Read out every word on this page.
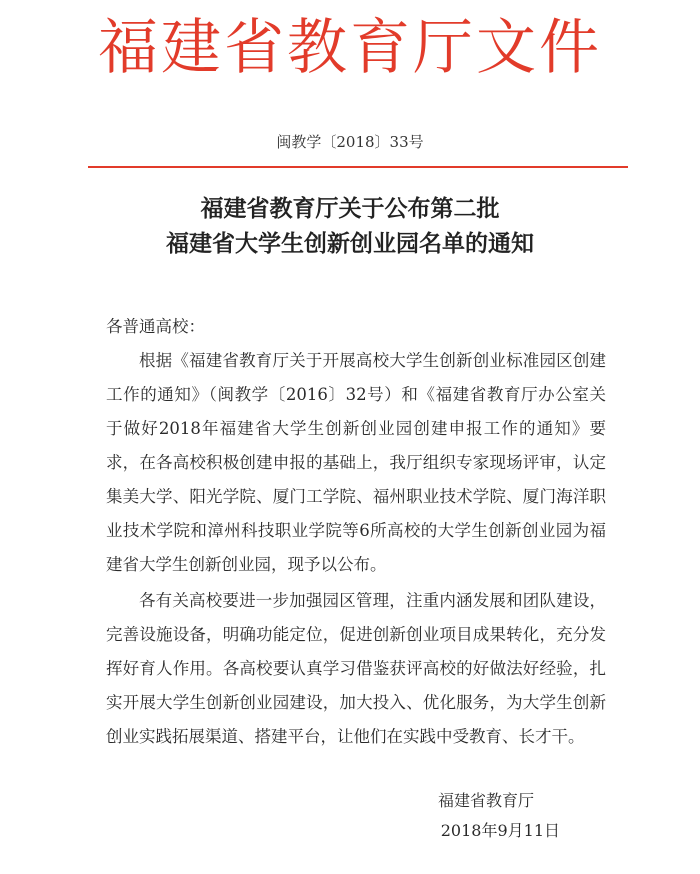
福建省教育厅文件
闽教学〔2018〕33号
福建省教育厅关于公布第二批
福建省大学生创新创业园名单的通知

各普通高校：

根据《福建省教育厅关于开展高校大学生创新创业标准园区创建工作的通知》（闽教学〔2016〕32号）和《福建省教育厅办公室关于做好2018年福建省大学生创新创业园创建申报工作的通知》要求，在各高校积极创建申报的基础上，我厅组织专家现场评审，认定集美大学、阳光学院、厦门工学院、福州职业技术学院、厦门海洋职业技术学院和漳州科技职业学院等6所高校的大学生创新创业园为福建省大学生创新创业园，现予以公布。

各有关高校要进一步加强园区管理，注重内涵发展和团队建设，完善设施设备，明确功能定位，促进创新创业项目成果转化，充分发挥好育人作用。各高校要认真学习借鉴获评高校的好做法好经验，扎实开展大学生创新创业园建设，加大投入、优化服务，为大学生创新创业实践拓展渠道、搭建平台，让他们在实践中受教育、长才干。

福建省教育厅
2018年9月11日
